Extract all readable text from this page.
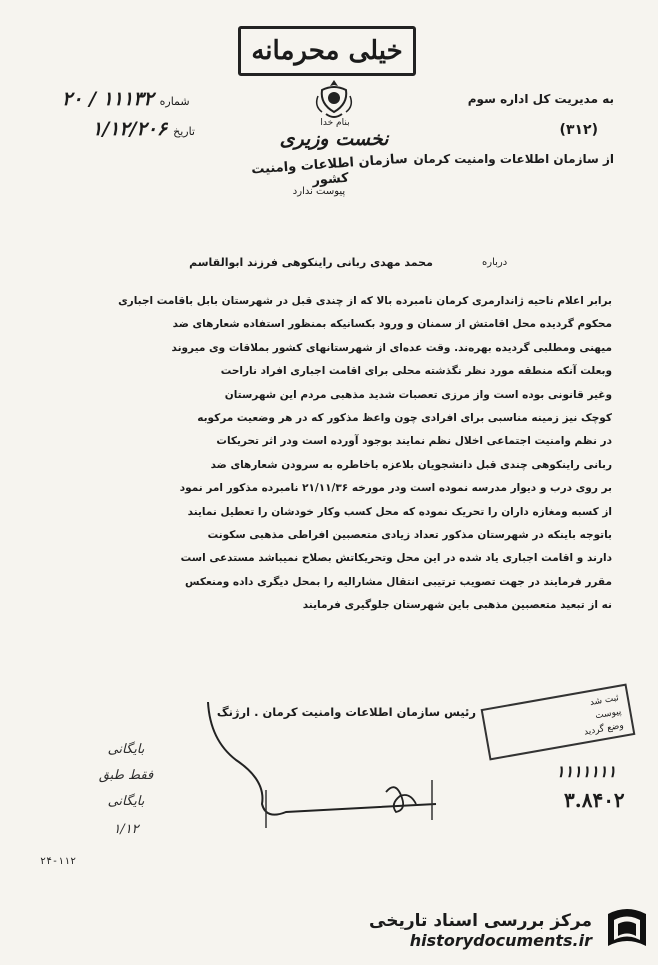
خیلی محرمانه
بنام خدا
نخست وزیری
سازمان اطلاعات وامنیت کشور
پیوست ندارد
شماره
۱۱۱۳۲ / ۲۰
تاریخ
۱/۱۲/۲۰۶
به مدیریت کل اداره سوم
(۳۱۲)
از سازمان اطلاعات وامنیت کرمان
درباره
محمد مهدی ربانی راینکوهی فرزند ابوالقاسم
برابر اعلام ناحیه ژاندارمری کرمان نامبرده بالا که از چندی قبل در شهرستان بابل باقامت اجباری
محکوم گردیده محل اقامتش از سمنان و ورود بکسانیکه بمنظور استفاده شعارهای ضد
میهنی ومطلبی گردیده بهره‌ند. وقت عده‌ای از شهرستانهای کشور بملاقات وی میروند
وبعلت آنکه منطقه مورد نظر نگذشته محلی برای اقامت اجباری افراد ناراحت
وغیر قانونی بوده است واز مرزی تعصبات شدید مذهبی مردم این شهرستان
کوچک نیز زمینه مناسبی برای افرادی چون واعظ مذکور که در هر وضعیت مرکوبه
در نظم وامنیت اجتماعی اخلال نظم نمایند بوجود آورده است ودر اثر تحریکات
ربانی راینکوهی چندی قبل دانشجویان بلاعزه باخاطره به سرودن شعارهای ضد
بر روی درب و دیوار مدرسه نموده است ودر مورخه ۲۱/۱۱/۳۶ نامبرده مذکور امر نمود
از کسبه ومغازه داران را تحریک نموده که محل کسب وکار خودشان را تعطیل نمایند
باتوجه باینکه در شهرستان مذکور تعداد زیادی متعصبین افراطی مذهبی سکونت
دارند و اقامت اجباری یاد شده در این محل وتحریکاتش بصلاح نمیباشد مستدعی است
مقرر فرمایند در جهت تصویب ترتیبی انتقال مشارالیه را بمحل دیگری داده ومنعکس
نه از تبعید متعصبین مذهبی باین شهرستان جلوگیری فرمایند
رئیس سازمان اطلاعات وامنیت کرمان . ارژنگ
ثبت شد
پیوست
وضع گردید
۱۱۱۱۱۱۱
۳.۸۴۰۲
بایگانی
فقط طبق
بایگانی
۱/۱۲
۲۴-۱۱۲
مرکز بررسی اسناد تاریخی
historydocuments.ir
